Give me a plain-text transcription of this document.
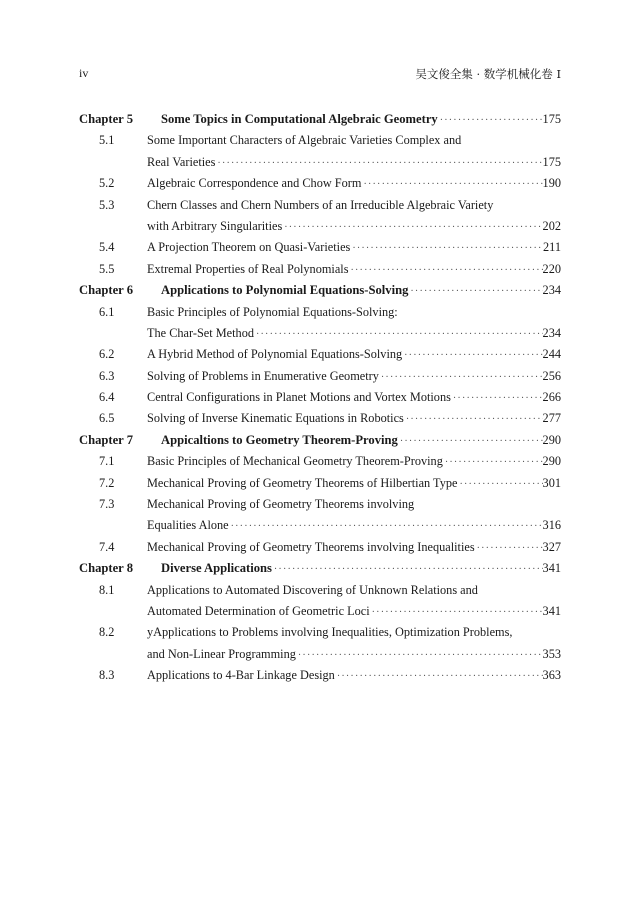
iv	吴文俊全集 · 数学机械化卷 I
Chapter 5	Some Topics in Computational Algebraic Geometry ·····	175
5.1	Some Important Characters of Algebraic Varieties Complex and
Real Varieties ·····	175
5.2	Algebraic Correspondence and Chow Form ·····	190
5.3	Chern Classes and Chern Numbers of an Irreducible Algebraic Variety
with Arbitrary Singularities ·····	202
5.4	A Projection Theorem on Quasi-Varieties ·····	211
5.5	Extremal Properties of Real Polynomials ·····	220
Chapter 6	Applications to Polynomial Equations-Solving ·····	234
6.1	Basic Principles of Polynomial Equations-Solving:
The Char-Set Method ·····	234
6.2	A Hybrid Method of Polynomial Equations-Solving ·····	244
6.3	Solving of Problems in Enumerative Geometry ·····	256
6.4	Central Configurations in Planet Motions and Vortex Motions ·····	266
6.5	Solving of Inverse Kinematic Equations in Robotics ·····	277
Chapter 7	Appicaltions to Geometry Theorem-Proving ·····	290
7.1	Basic Principles of Mechanical Geometry Theorem-Proving ·····	290
7.2	Mechanical Proving of Geometry Theorems of Hilbertian Type ·····	301
7.3	Mechanical Proving of Geometry Theorems involving
Equalities Alone ·····	316
7.4	Mechanical Proving of Geometry Theorems involving Inequalities ·····	327
Chapter 8	Diverse Applications ·····	341
8.1	Applications to Automated Discovering of Unknown Relations and
Automated Determination of Geometric Loci ·····	341
8.2	yApplications to Problems involving Inequalities, Optimization Problems,
and Non-Linear Programming ·····	353
8.3	Applications to 4-Bar Linkage Design ·····	363
